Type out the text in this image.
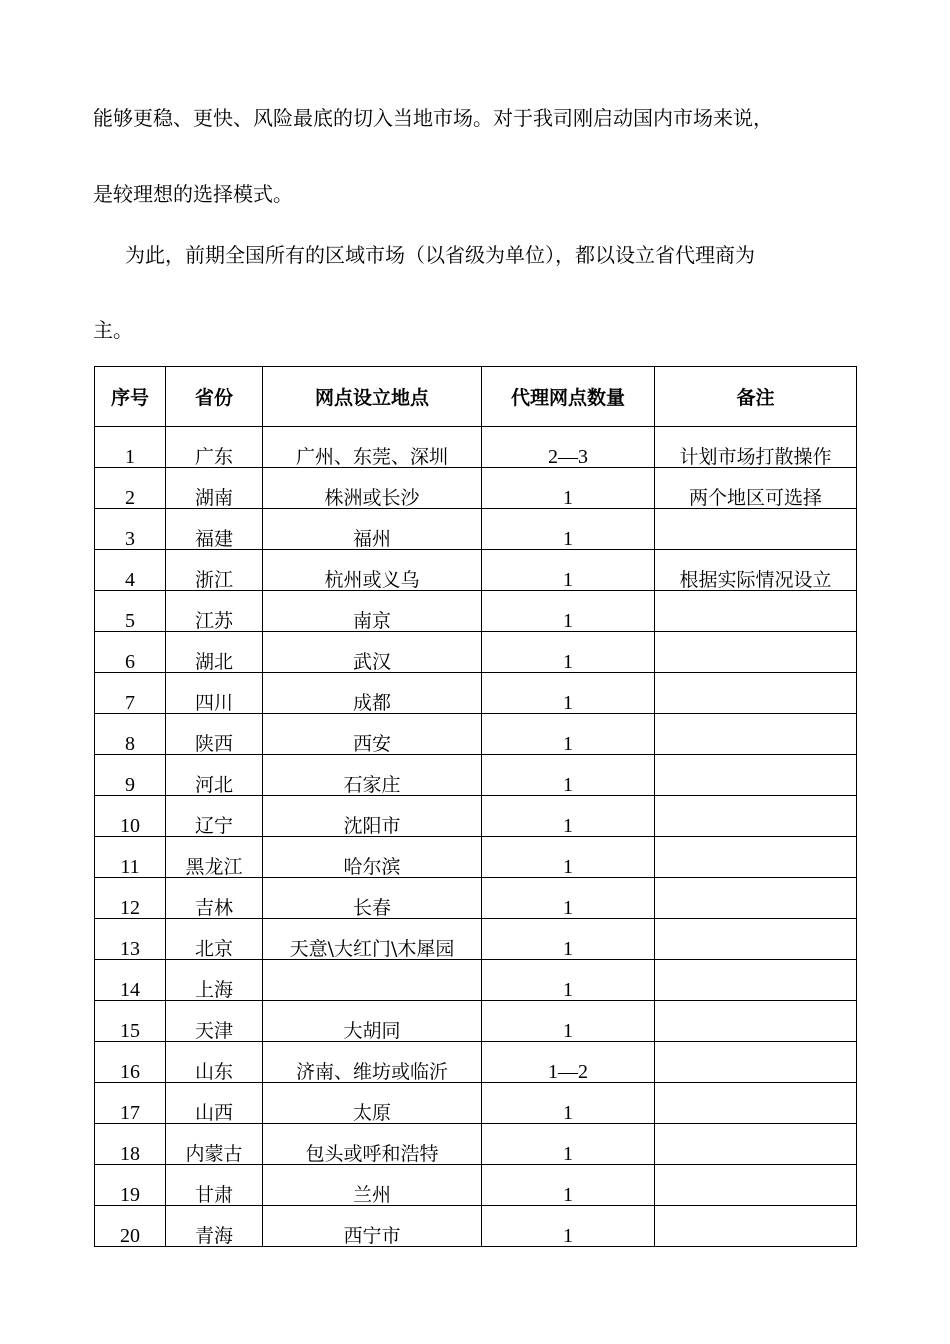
能够更稳、更快、风险最底的切入当地市场。对于我司刚启动国内市场来说，
是较理想的选择模式。
为此，前期全国所有的区域市场（以省级为单位），都以设立省代理商为
主。
序号	省份	网点设立地点	代理网点数量	备注
1	广东	广州、东莞、深圳	2—3	计划市场打散操作
2	湖南	株洲或长沙	1	两个地区可选择
3	福建	福州	1	
4	浙江	杭州或义乌	1	根据实际情况设立
5	江苏	南京	1	
6	湖北	武汉	1	
7	四川	成都	1	
8	陕西	西安	1	
9	河北	石家庄	1	
10	辽宁	沈阳市	1	
11	黑龙江	哈尔滨	1	
12	吉林	长春	1	
13	北京	天意\大红门\木犀园	1	
14	上海		1	
15	天津	大胡同	1	
16	山东	济南、维坊或临沂	1—2	
17	山西	太原	1	
18	内蒙古	包头或呼和浩特	1	
19	甘肃	兰州	1	
20	青海	西宁市	1	
